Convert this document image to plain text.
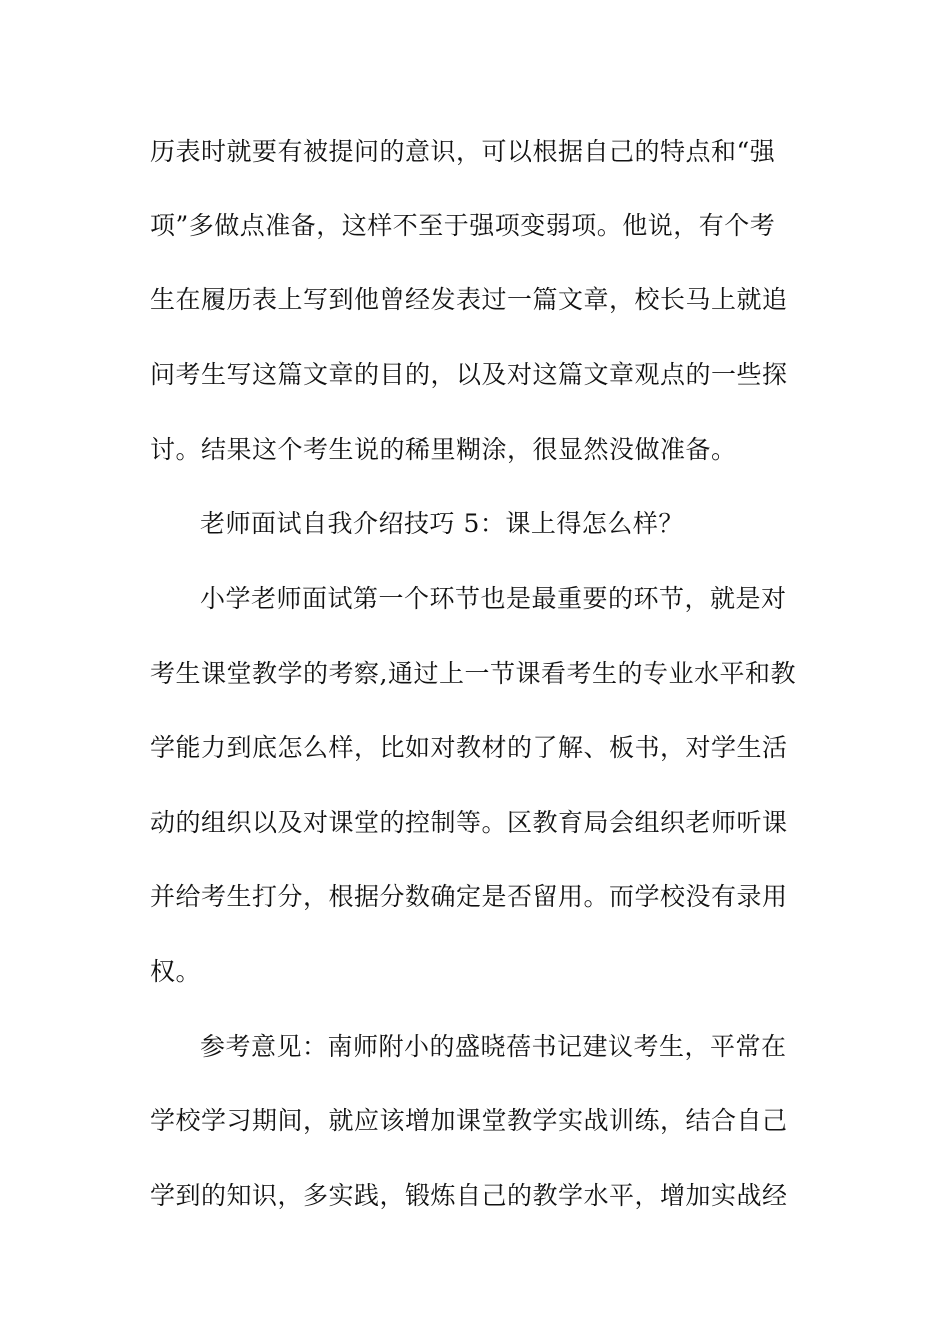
历表时就要有被提问的意识，可以根据自己的特点和“强
项”多做点准备，这样不至于强项变弱项。他说，有个考
生在履历表上写到他曾经发表过一篇文章，校长马上就追
问考生写这篇文章的目的，以及对这篇文章观点的一些探
讨。结果这个考生说的稀里糊涂，很显然没做准备。
老师面试自我介绍技巧 5：课上得怎么样？
小学老师面试第一个环节也是最重要的环节，就是对
考生课堂教学的考察,通过上一节课看考生的专业水平和教
学能力到底怎么样，比如对教材的了解、板书，对学生活
动的组织以及对课堂的控制等。区教育局会组织老师听课
并给考生打分，根据分数确定是否留用。而学校没有录用
权。
参考意见：南师附小的盛晓蓓书记建议考生，平常在
学校学习期间，就应该增加课堂教学实战训练，结合自己
学到的知识，多实践，锻炼自己的教学水平，增加实战经
